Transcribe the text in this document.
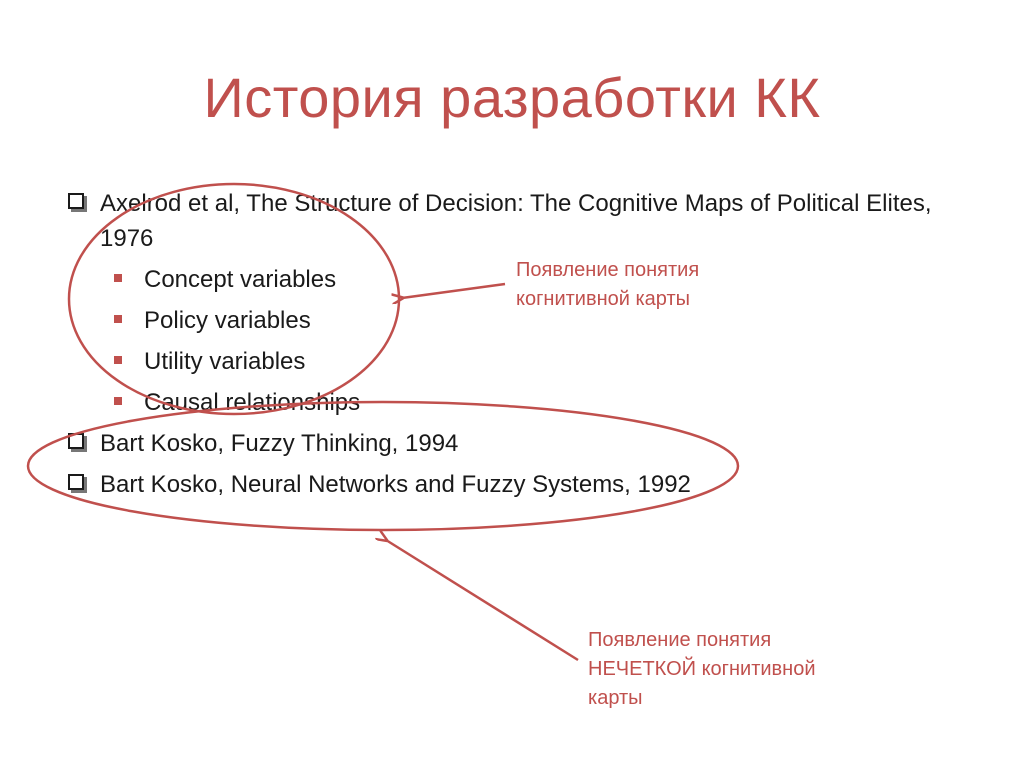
История разработки КК
Axelrod et al, The Structure of Decision: The Cognitive Maps of Political Elites, 1976
Concept variables
Policy variables
Utility variables
Causal relationships
Bart Kosko, Fuzzy Thinking, 1994
Bart Kosko, Neural Networks and Fuzzy Systems, 1992
Появление понятия
когнитивной карты
Появление понятия
НЕЧЕТКОЙ когнитивной
карты
